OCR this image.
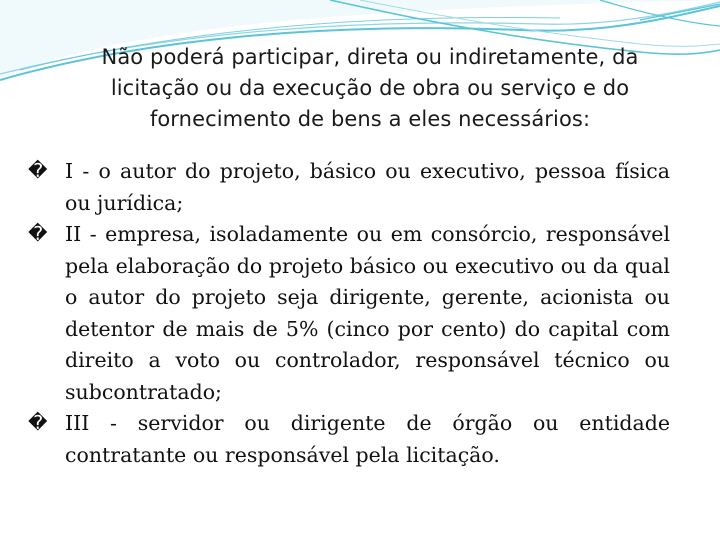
Não poderá participar, direta ou indiretamente, da licitação ou da execução de obra ou serviço e do fornecimento de bens a eles necessários:
� I - o autor do projeto, básico ou executivo, pessoa física ou jurídica;
� II - empresa, isoladamente ou em consórcio, responsável pela elaboração do projeto básico ou executivo ou da qual o autor do projeto seja dirigente, gerente, acionista ou detentor de mais de 5% (cinco por cento) do capital com direito a voto ou controlador, responsável técnico ou subcontratado;
� III - servidor ou dirigente de órgão ou entidade contratante ou responsável pela licitação.
